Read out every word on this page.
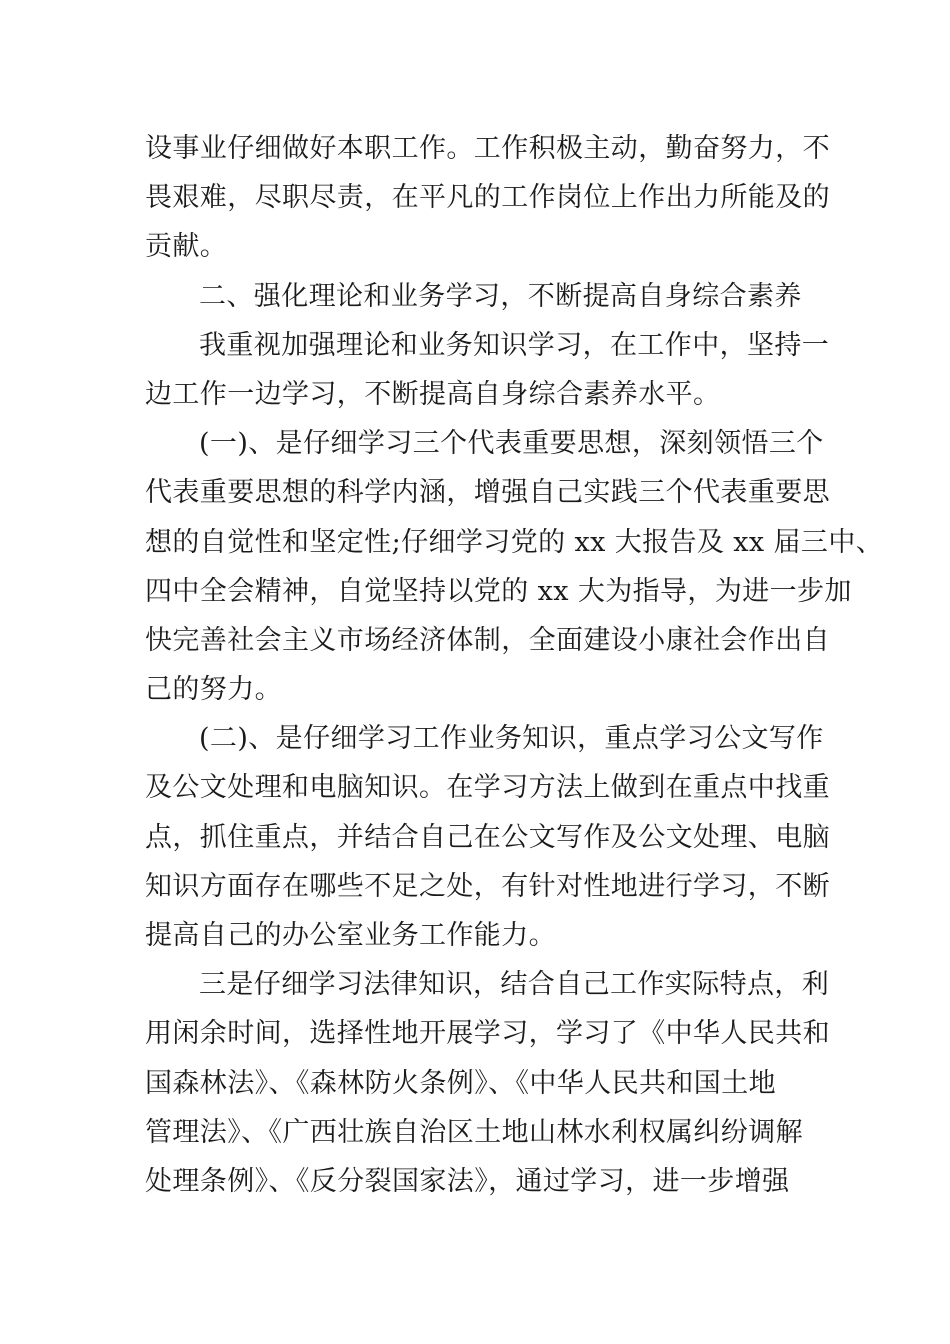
设事业仔细做好本职工作。工作积极主动，勤奋努力，不
畏艰难，尽职尽责，在平凡的工作岗位上作出力所能及的
贡献。
二、强化理论和业务学习，不断提高自身综合素养
我重视加强理论和业务知识学习，在工作中，坚持一
边工作一边学习，不断提高自身综合素养水平。
(一)、是仔细学习三个代表重要思想，深刻领悟三个
代表重要思想的科学内涵，增强自己实践三个代表重要思
想的自觉性和坚定性;仔细学习党的 xx 大报告及 xx 届三中、
四中全会精神，自觉坚持以党的 xx 大为指导，为进一步加
快完善社会主义市场经济体制，全面建设小康社会作出自
己的努力。
(二)、是仔细学习工作业务知识，重点学习公文写作
及公文处理和电脑知识。在学习方法上做到在重点中找重
点，抓住重点，并结合自己在公文写作及公文处理、电脑
知识方面存在哪些不足之处，有针对性地进行学习，不断
提高自己的办公室业务工作能力。
三是仔细学习法律知识，结合自己工作实际特点，利
用闲余时间，选择性地开展学习，学习了《中华人民共和
国森林法》、《森林防火条例》、《中华人民共和国土地
管理法》、《广西壮族自治区土地山林水利权属纠纷调解
处理条例》、《反分裂国家法》，通过学习，进一步增强
